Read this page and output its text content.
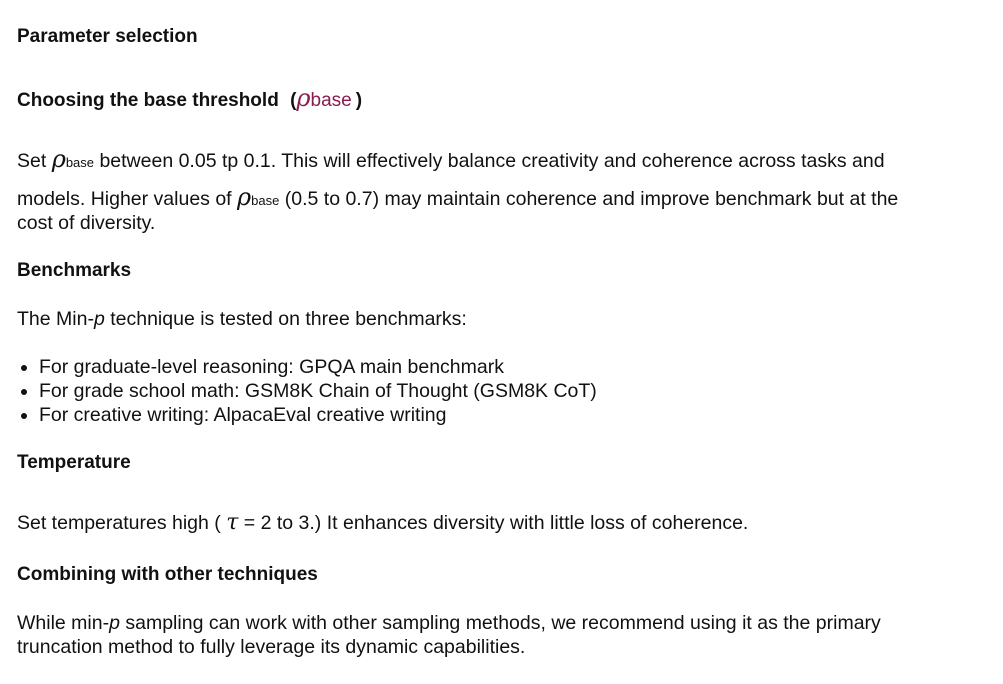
Parameter selection
Choosing the base threshold (ρbase )
Set ρbase between 0.05 tp 0.1. This will effectively balance creativity and coherence across tasks and
models. Higher values of ρbase (0.5 to 0.7) may maintain coherence and improve benchmark but at the
cost of diversity.
Benchmarks
The Min-p technique is tested on three benchmarks:
For graduate-level reasoning: GPQA main benchmark
For grade school math: GSM8K Chain of Thought (GSM8K CoT)
For creative writing: AlpacaEval creative writing
Temperature
Set temperatures high ( τ = 2 to 3.) It enhances diversity with little loss of coherence.
Combining with other techniques
While min-p sampling can work with other sampling methods, we recommend using it as the primary
truncation method to fully leverage its dynamic capabilities.
